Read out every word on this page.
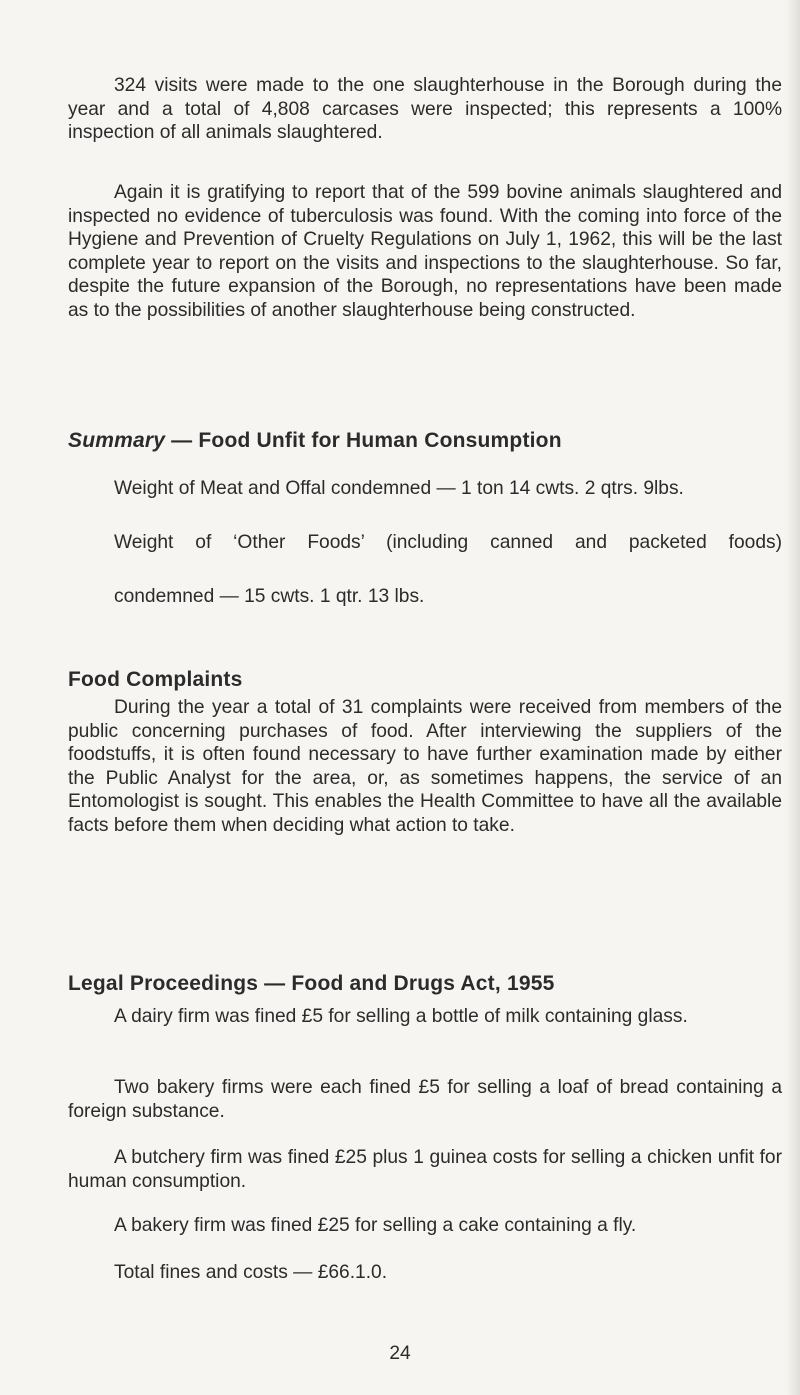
324 visits were made to the one slaughterhouse in the Borough during the year and a total of 4,808 carcases were inspected; this represents a 100% inspection of all animals slaughtered.

Again it is gratifying to report that of the 599 bovine animals slaughtered and inspected no evidence of tuberculosis was found. With the coming into force of the Hygiene and Prevention of Cruelty Regulations on July 1, 1962, this will be the last complete year to report on the visits and inspections to the slaughterhouse. So far, despite the future expansion of the Borough, no representations have been made as to the possibilities of another slaughterhouse being constructed.

Summary — Food Unfit for Human Consumption
Weight of Meat and Offal condemned — 1 ton 14 cwts. 2 qtrs. 9lbs.
Weight of ‘Other Foods’ (including canned and packeted foods)
condemned — 15 cwts. 1 qtr. 13 lbs.
Food Complaints

During the year a total of 31 complaints were received from members of the public concerning purchases of food. After interviewing the suppliers of the foodstuffs, it is often found necessary to have further examination made by either the Public Analyst for the area, or, as sometimes happens, the service of an Entomologist is sought. This enables the Health Committee to have all the available facts before them when deciding what action to take.

Legal Proceedings — Food and Drugs Act, 1955

A dairy firm was fined £5 for selling a bottle of milk containing glass.

Two bakery firms were each fined £5 for selling a loaf of bread containing a foreign substance.

A butchery firm was fined £25 plus 1 guinea costs for selling a chicken unfit for human consumption.

A bakery firm was fined £25 for selling a cake containing a fly.

Total fines and costs — £66.1.0.

24
